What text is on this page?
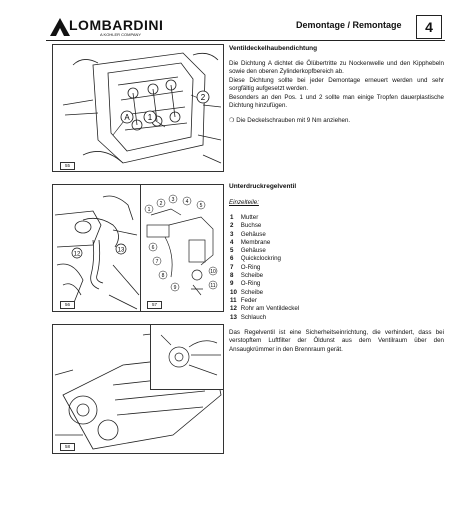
LOMBARDINI
A KOHLER COMPANY
Demontage / Remontage	4
A 1
2
55
Ventildeckelhaubendichtung
Die Dichtung A dichtet die Ölübertritte zu Nockenwelle und den Kipphebeln sowie den oberen Zylinderkopfbereich ab.
Diese Dichtung sollte bei jeder Demontage erneuert werden und sehr sorgfältig aufgesetzt werden.
Besonders an den Pos. 1 und 2 sollte man einige Tropfen dauerplastische Dichtung hinzufügen.
❍ Die Deckelschrauben mit 9 Nm anziehen.
12
13
56
1
2
3 4
5
6
7
8
9
10
11
57
Unterdruckregelventil
Einzelteile:
1 Mutter
2 Buchse
3 Gehäuse
4 Membrane
5 Gehäuse
6 Quickclockring
7 O-Ring
8 Scheibe
9 O-Ring
10 Scheibe
11 Feder
12 Rohr am Ventildeckel
13 Schlauch
Das Regelventil ist eine Sicherheitseinrichtung, die verhindert, dass bei verstopftem Luftfilter der Öldunst aus dem Ventilraum über den Ansaugkrümmer in den Brennraum gerät.
58
